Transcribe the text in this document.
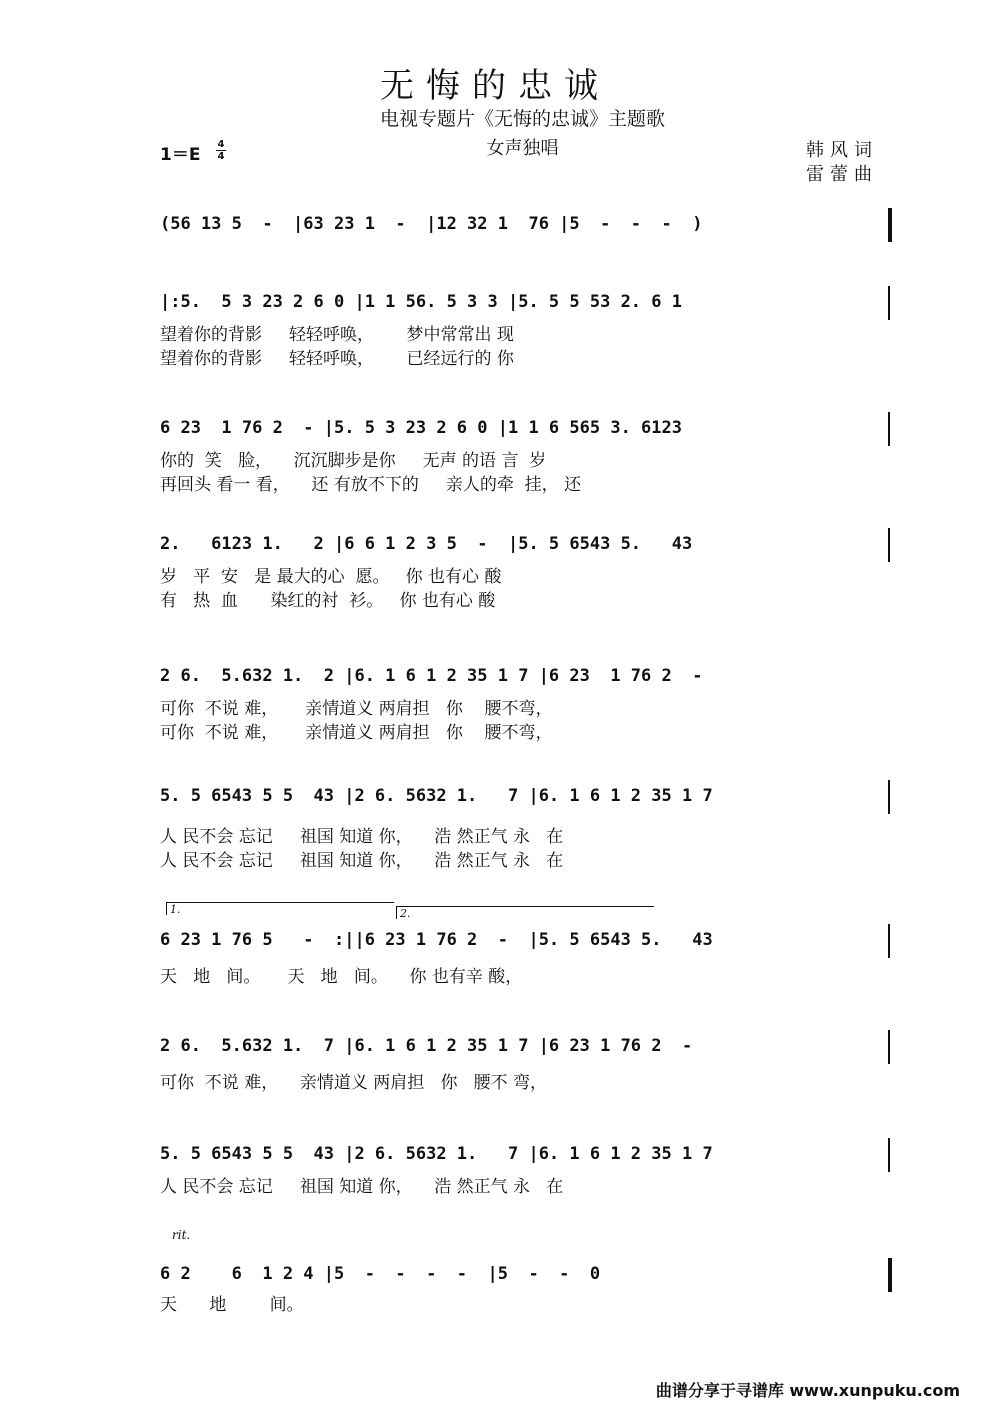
无悔的忠诚
电视专题片《无悔的忠诚》主题歌
女声独唱	韩风词
雷蕾曲
1＝E
4
4
(56 13 5  -  |63 23 1  -  |12 32 1  76 |5  -  -  -  )
|:5.  5 3 23 2 6 0 |1 1 56. 5 3 3 |5. 5 5 53 2. 6 1
望着你的背影     轻轻呼唤，      梦中常常出 现
望着你的背影     轻轻呼唤，      已经远行的 你
6 23  1 76 2  - |5. 5 3 23 2 6 0 |1 1 6 565 3. 6123
你的  笑   脸，    沉沉脚步是你     无声 的语 言  岁
再回头 看一 看，    还 有放不下的     亲人的牵  挂， 还
2.   6123 1.   2 |6 6 1 2 3 5  -  |5. 5 6543 5.   43
岁   平  安   是 最大的心  愿。   你 也有心 酸
有   热  血      染红的衬  衫。   你 也有心 酸
2 6.  5.632 1.  2 |6. 1 6 1 2 35 1 7 |6 23  1 76 2  -
可你  不说 难，     亲情道义 两肩担   你    腰不弯，
可你  不说 难，     亲情道义 两肩担   你    腰不弯，
5. 5 6543 5 5  43 |2 6. 5632 1.   7 |6. 1 6 1 2 35 1 7
人 民不会 忘记     祖国 知道 你，    浩 然正气 永   在
人 民不会 忘记     祖国 知道 你，    浩 然正气 永   在
1.	2.
6 23 1 76 5   -  :||6 23 1 76 2  -  |5. 5 6543 5.   43
天   地   间。     天   地   间。    你 也有辛 酸，
2 6.  5.632 1.  7 |6. 1 6 1 2 35 1 7 |6 23 1 76 2  -
可你  不说 难，    亲情道义 两肩担   你   腰不 弯，
5. 5 6543 5 5  43 |2 6. 5632 1.   7 |6. 1 6 1 2 35 1 7
人 民不会 忘记     祖国 知道 你，    浩 然正气 永   在
rit.
6 2    6  1 2 4 |5  -  -  -  -  |5  -  -  0
天      地        间。
曲谱分享于寻谱库 www.xunpuku.com
